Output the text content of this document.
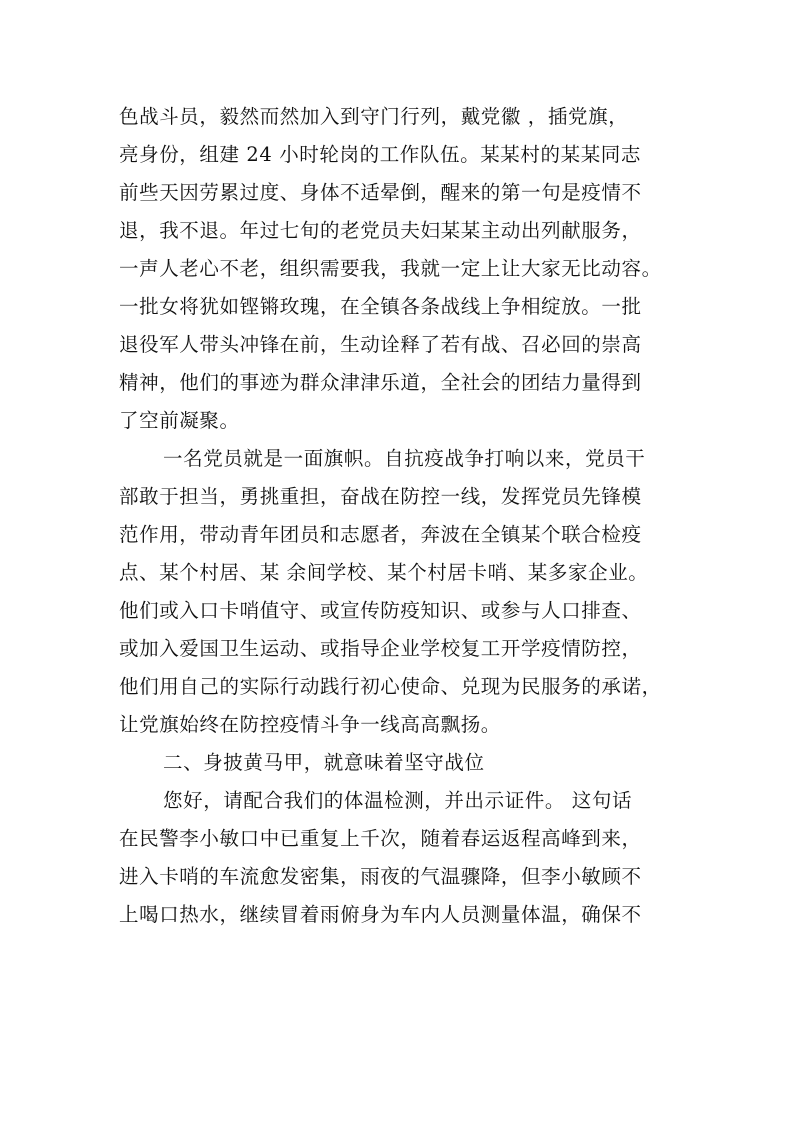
色战斗员，毅然而然加入到守门行列，戴党徽 ，插党旗，
亮身份，组建 24 小时轮岗的工作队伍。某某村的某某同志
前些天因劳累过度、身体不适晕倒，醒来的第一句是疫情不
退，我不退。年过七旬的老党员夫妇某某主动出列献服务，
一声人老心不老，组织需要我，我就一定上让大家无比动容。
一批女将犹如铿锵玫瑰，在全镇各条战线上争相绽放。一批
退役军人带头冲锋在前，生动诠释了若有战、召必回的崇高
精神，他们的事迹为群众津津乐道，全社会的团结力量得到
了空前凝聚。
一名党员就是一面旗帜。自抗疫战争打响以来，党员干
部敢于担当，勇挑重担，奋战在防控一线，发挥党员先锋模
范作用，带动青年团员和志愿者，奔波在全镇某个联合检疫
点、某个村居、某 余间学校、某个村居卡哨、某多家企业。
他们或入口卡哨值守、或宣传防疫知识、或参与人口排查、
或加入爱国卫生运动、或指导企业学校复工开学疫情防控，
他们用自己的实际行动践行初心使命、兑现为民服务的承诺，
让党旗始终在防控疫情斗争一线高高飘扬。
二、身披黄马甲，就意味着坚守战位
您好，请配合我们的体温检测，并出示证件。 这句话
在民警李小敏口中已重复上千次，随着春运返程高峰到来，
进入卡哨的车流愈发密集，雨夜的气温骤降，但李小敏顾不
上喝口热水，继续冒着雨俯身为车内人员测量体温，确保不
